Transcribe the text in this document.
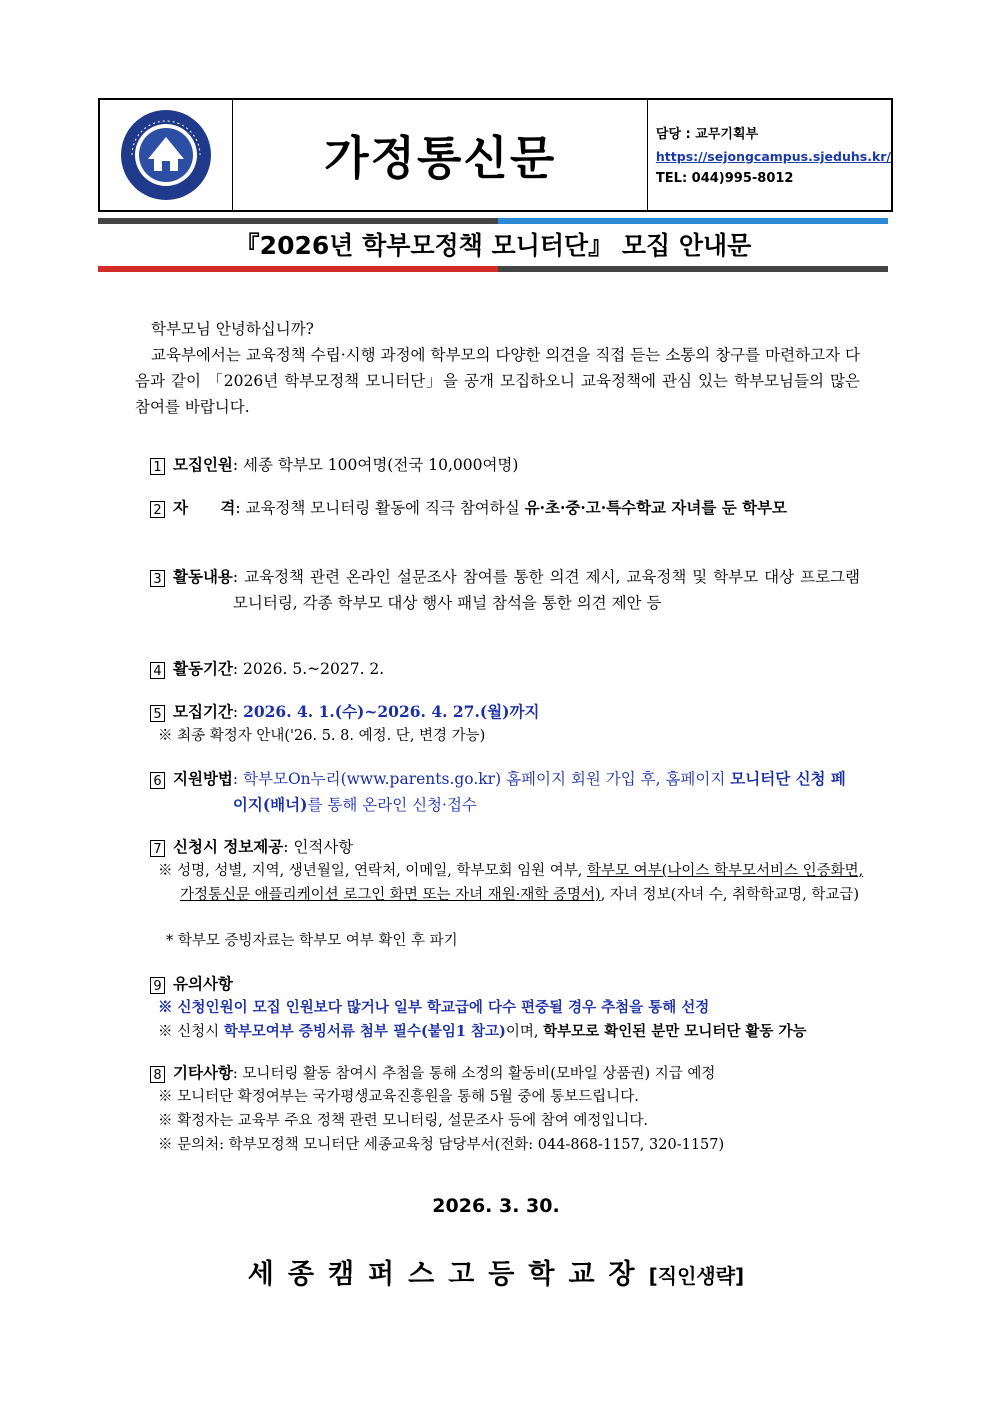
가정통신문	담당 : 교무기획부
https://sejongcampus.sjeduhs.kr/
TEL: 044)995-8012
『2026년 학부모정책 모니터단』 모집 안내문
학부모님 안녕하십니까?
교육부에서는 교육정책 수립·시행 과정에 학부모의 다양한 의견을 직접 듣는 소통의 창구를 마련하고자 다음과 같이 「2026년 학부모정책 모니터단」을 공개 모집하오니 교육정책에 관심 있는 학부모님들의 많은 참여를 바랍니다.
1 모집인원: 세종 학부모 100여명(전국 10,000여명)
2 자      격: 교육정책 모니터링 활동에 직극 참여하실 유·초·중·고·특수학교 자녀를 둔 학부모
3 활동내용 : 교육정책 관련 온라인 설문조사 참여를 통한 의견 제시, 교육정책 및 학부모 대상 프로그램 모니터링, 각종 학부모 대상 행사 패널 참석을 통한 의견 제안 등
4 활동기간: 2026. 5.~2027. 2.
5 모집기간: 2026. 4. 1.(수)~2026. 4. 27.(월)까지
※ 최종 확정자 안내('26. 5. 8. 예정. 단, 변경 가능)
6 지원방법 : 학부모On누리(www.parents.go.kr) 홈페이지 회원 가입 후, 홈페이지 모니터단 신청 페이지(배너)를 통해 온라인 신청·접수
7 신청시 정보제공: 인적사항
※ 성명, 성별, 지역, 생년월일, 연락처, 이메일, 학부모회 임원 여부, 학부모 여부(나이스 학부모서비스 인증화면, 가정통신문 애플리케이션 로그인 화면 또는 자녀 재원·재학 증명서), 자녀 정보(자녀 수, 취학학교명, 학교급)
* 학부모 증빙자료는 학부모 여부 확인 후 파기
9 유의사항
※ 신청인원이 모집 인원보다 많거나 일부 학교급에 다수 편중될 경우 추첨을 통해 선정
※ 신청시 학부모여부 증빙서류 첨부 필수(붙임1 참고)이며, 학부모로 확인된 분만 모니터단 활동 가능
8 기타사항: 모니터링 활동 참여시 추첨을 통해 소정의 활동비(모바일 상품권) 지급 예정
※ 모니터단 확정여부는 국가평생교육진흥원을 통해 5월 중에 통보드립니다.
※ 확정자는 교육부 주요 정책 관련 모니터링, 설문조사 등에 참여 예정입니다.
※ 문의처: 학부모정책 모니터단 세종교육청 담당부서(전화: 044-868-1157, 320-1157)
2026. 3. 30.
세종캠퍼스고등학교장[직인생략]
